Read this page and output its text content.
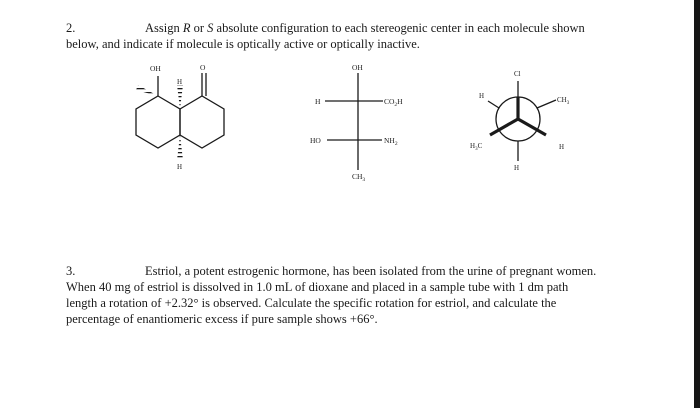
2.	Assign R or S absolute configuration to each stereogenic center in each molecule shown
below, and indicate if molecule is optically active or optically inactive.
OH	O
H
H
OH
H	$CO_2H$
HO	$NH_2$
$CH_3$
Cl
H	$CH_3$
$H_3C$	H
H
3.	Estriol, a potent estrogenic hormone, has been isolated from the urine of pregnant women.
When 40 mg of estriol is dissolved in 1.0 mL of dioxane and placed in a sample tube with 1 dm path
length a rotation of +2.32° is observed. Calculate the specific rotation for estriol, and calculate the
percentage of enantiomeric excess if pure sample shows +66°.
